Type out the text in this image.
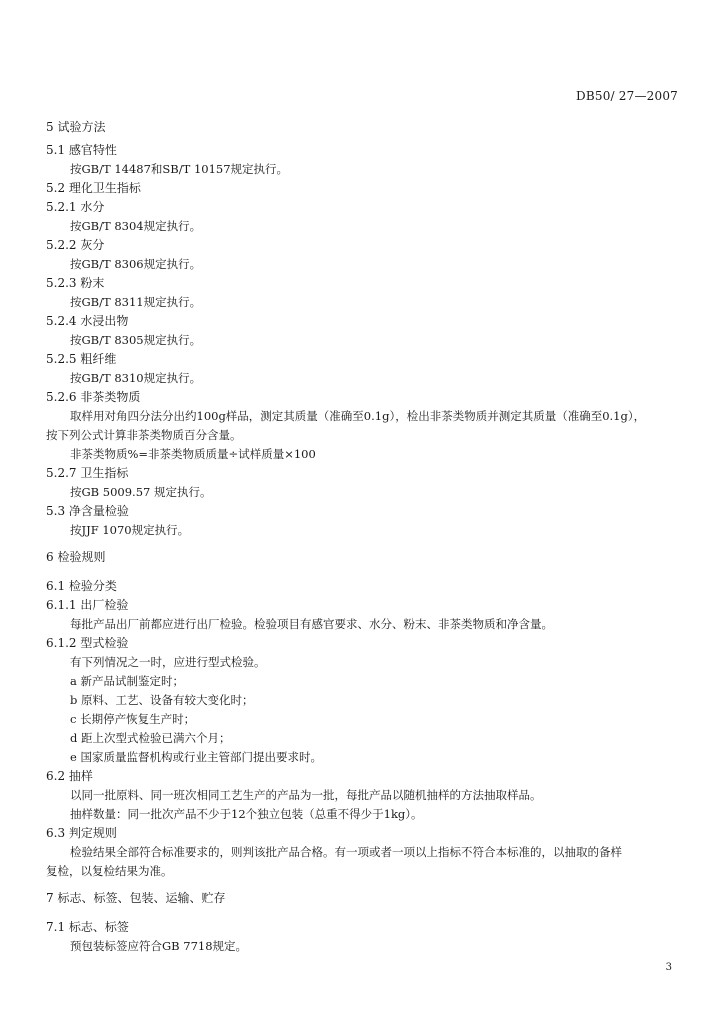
DB50/ 27—2007
5 试验方法
5.1 感官特性
按GB/T 14487和SB/T 10157规定执行。
5.2 理化卫生指标
5.2.1 水分
按GB/T 8304规定执行。
5.2.2 灰分
按GB/T 8306规定执行。
5.2.3 粉末
按GB/T 8311规定执行。
5.2.4 水浸出物
按GB/T 8305规定执行。
5.2.5 粗纤维
按GB/T 8310规定执行。
5.2.6 非茶类物质
取样用对角四分法分出约100g样品，测定其质量（准确至0.1g），检出非茶类物质并测定其质量（准确至0.1g），
按下列公式计算非茶类物质百分含量。
非茶类物质%=非茶类物质质量÷试样质量×100
5.2.7 卫生指标
按GB 5009.57 规定执行。
5.3 净含量检验
按JJF 1070规定执行。
6 检验规则
6.1 检验分类
6.1.1 出厂检验
每批产品出厂前都应进行出厂检验。检验项目有感官要求、水分、粉末、非茶类物质和净含量。
6.1.2 型式检验
有下列情况之一时，应进行型式检验。
a 新产品试制鉴定时；
b 原料、工艺、设备有较大变化时；
c 长期停产恢复生产时；
d 距上次型式检验已满六个月；
e 国家质量监督机构或行业主管部门提出要求时。
6.2 抽样
以同一批原料、同一班次相同工艺生产的产品为一批，每批产品以随机抽样的方法抽取样品。
抽样数量：同一批次产品不少于12个独立包装（总重不得少于1kg）。
6.3 判定规则
检验结果全部符合标准要求的，则判该批产品合格。有一项或者一项以上指标不符合本标准的，以抽取的备样
复检，以复检结果为准。
7 标志、标签、包装、运输、贮存
7.1 标志、标签
预包装标签应符合GB 7718规定。
3
